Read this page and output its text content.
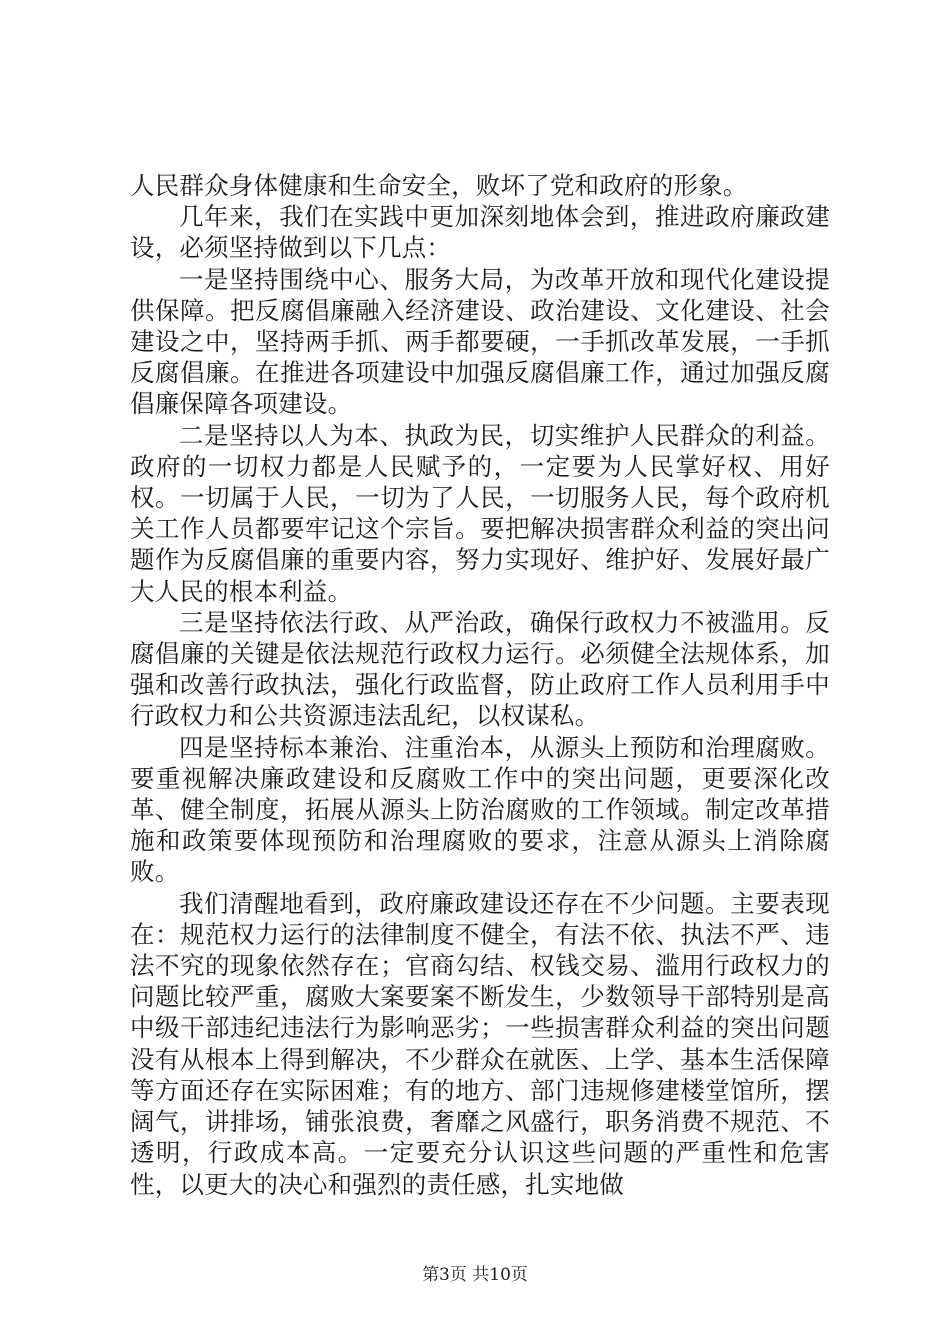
人民群众身体健康和生命安全，败坏了党和政府的形象。

几年来，我们在实践中更加深刻地体会到，推进政府廉政建设，必须坚持做到以下几点：

一是坚持围绕中心、服务大局，为改革开放和现代化建设提供保障。把反腐倡廉融入经济建设、政治建设、文化建设、社会建设之中，坚持两手抓、两手都要硬，一手抓改革发展，一手抓反腐倡廉。在推进各项建设中加强反腐倡廉工作，通过加强反腐倡廉保障各项建设。

二是坚持以人为本、执政为民，切实维护人民群众的利益。政府的一切权力都是人民赋予的，一定要为人民掌好权、用好权。一切属于人民，一切为了人民，一切服务人民，每个政府机关工作人员都要牢记这个宗旨。要把解决损害群众利益的突出问题作为反腐倡廉的重要内容，努力实现好、维护好、发展好最广大人民的根本利益。

三是坚持依法行政、从严治政，确保行政权力不被滥用。反腐倡廉的关键是依法规范行政权力运行。必须健全法规体系，加强和改善行政执法，强化行政监督，防止政府工作人员利用手中行政权力和公共资源违法乱纪，以权谋私。

四是坚持标本兼治、注重治本，从源头上预防和治理腐败。要重视解决廉政建设和反腐败工作中的突出问题，更要深化改革、健全制度，拓展从源头上防治腐败的工作领域。制定改革措施和政策要体现预防和治理腐败的要求，注意从源头上消除腐败。

我们清醒地看到，政府廉政建设还存在不少问题。主要表现在：规范权力运行的法律制度不健全，有法不依、执法不严、违法不究的现象依然存在；官商勾结、权钱交易、滥用行政权力的问题比较严重，腐败大案要案不断发生，少数领导干部特别是高中级干部违纪违法行为影响恶劣；一些损害群众利益的突出问题没有从根本上得到解决，不少群众在就医、上学、基本生活保障等方面还存在实际困难；有的地方、部门违规修建楼堂馆所，摆阔气，讲排场，铺张浪费，奢靡之风盛行，职务消费不规范、不透明，行政成本高。一定要充分认识这些问题的严重性和危害性，以更大的决心和强烈的责任感，扎实地做

第3页 共10页
